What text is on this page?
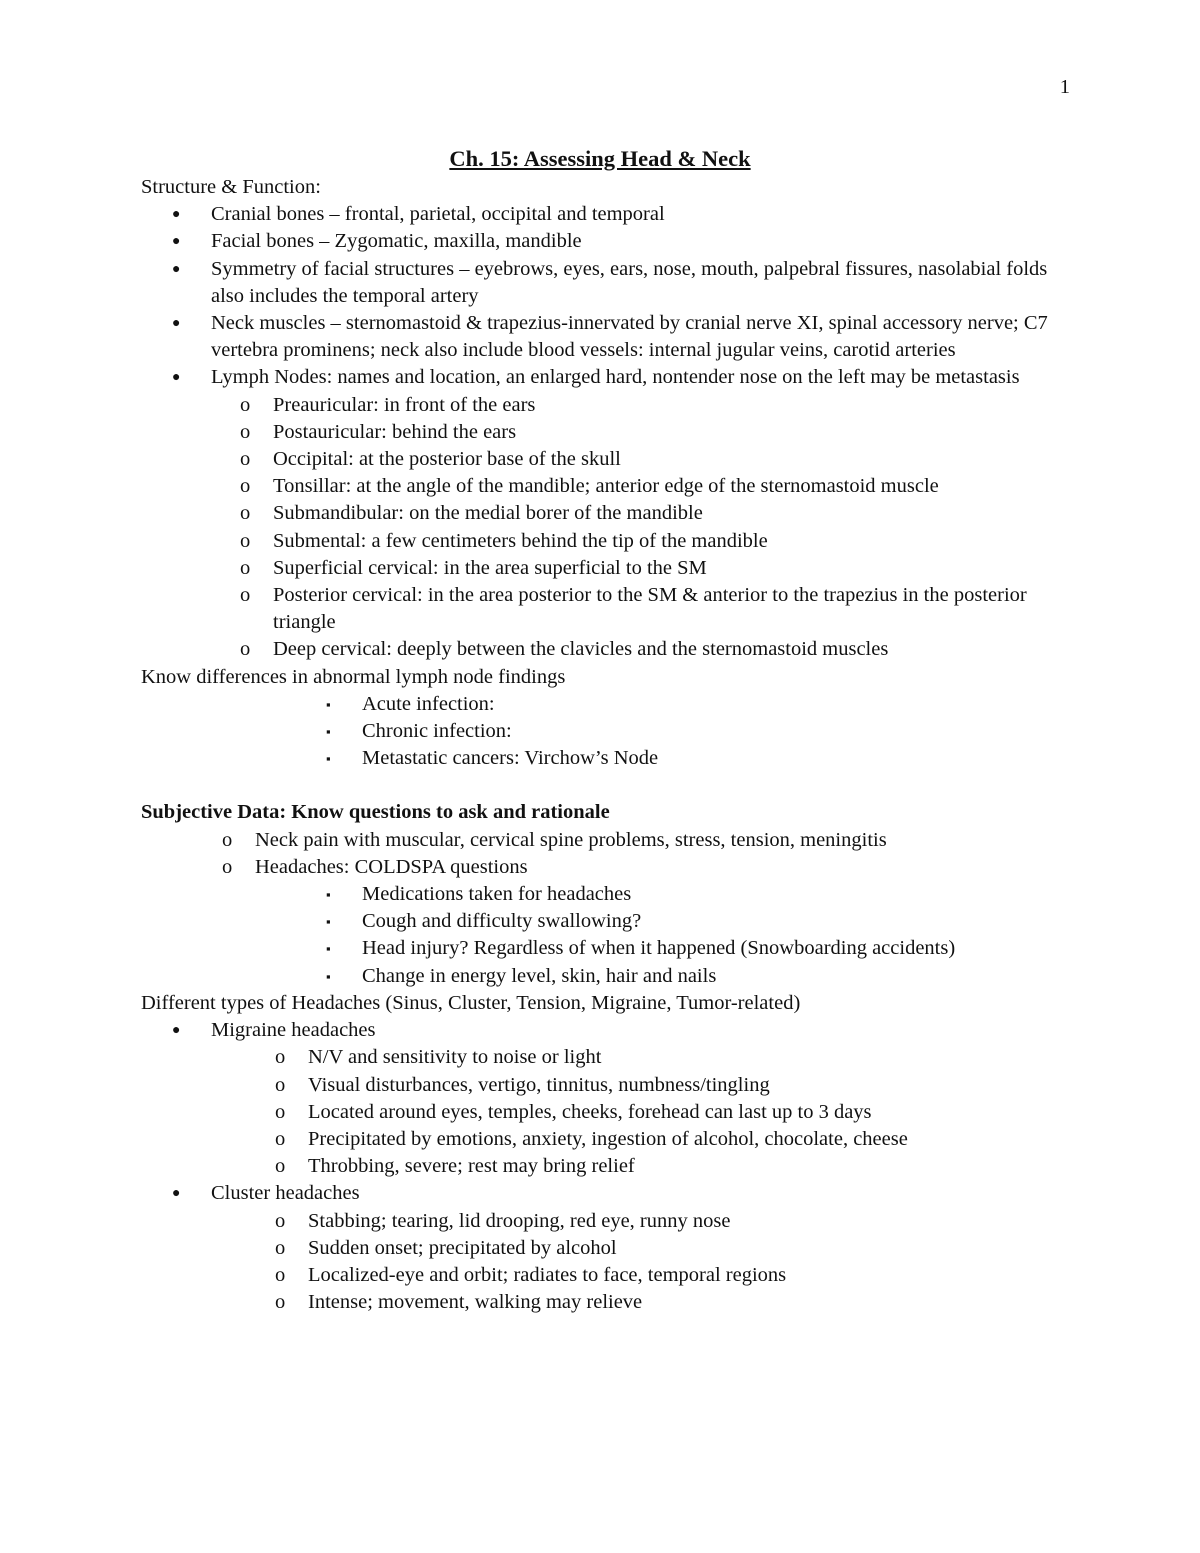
1
Ch. 15: Assessing Head & Neck
Structure & Function:
● Cranial bones – frontal, parietal, occipital and temporal
● Facial bones – Zygomatic, maxilla, mandible
● Symmetry of facial structures – eyebrows, eyes, ears, nose, mouth, palpebral fissures, nasolabial folds also includes the temporal artery
● Neck muscles – sternomastoid & trapezius-innervated by cranial nerve XI, spinal accessory nerve; C7 vertebra prominens; neck also include blood vessels: internal jugular veins, carotid arteries
● Lymph Nodes: names and location, an enlarged hard, nontender nose on the left may be metastasis
o Preauricular: in front of the ears
o Postauricular: behind the ears
o Occipital: at the posterior base of the skull
o Tonsillar: at the angle of the mandible; anterior edge of the sternomastoid muscle
o Submandibular: on the medial borer of the mandible
o Submental: a few centimeters behind the tip of the mandible
o Superficial cervical: in the area superficial to the SM
o Posterior cervical: in the area posterior to the SM & anterior to the trapezius in the posterior triangle
o Deep cervical: deeply between the clavicles and the sternomastoid muscles
Know differences in abnormal lymph node findings
▪ Acute infection:
▪ Chronic infection:
▪ Metastatic cancers: Virchow’s Node
Subjective Data: Know questions to ask and rationale
o Neck pain with muscular, cervical spine problems, stress, tension, meningitis
o Headaches: COLDSPA questions
▪ Medications taken for headaches
▪ Cough and difficulty swallowing?
▪ Head injury? Regardless of when it happened (Snowboarding accidents)
▪ Change in energy level, skin, hair and nails
Different types of Headaches (Sinus, Cluster, Tension, Migraine, Tumor-related)
● Migraine headaches
o N/V and sensitivity to noise or light
o Visual disturbances, vertigo, tinnitus, numbness/tingling
o Located around eyes, temples, cheeks, forehead can last up to 3 days
o Precipitated by emotions, anxiety, ingestion of alcohol, chocolate, cheese
o Throbbing, severe; rest may bring relief
● Cluster headaches
o Stabbing; tearing, lid drooping, red eye, runny nose
o Sudden onset; precipitated by alcohol
o Localized-eye and orbit; radiates to face, temporal regions
o Intense; movement, walking may relieve
